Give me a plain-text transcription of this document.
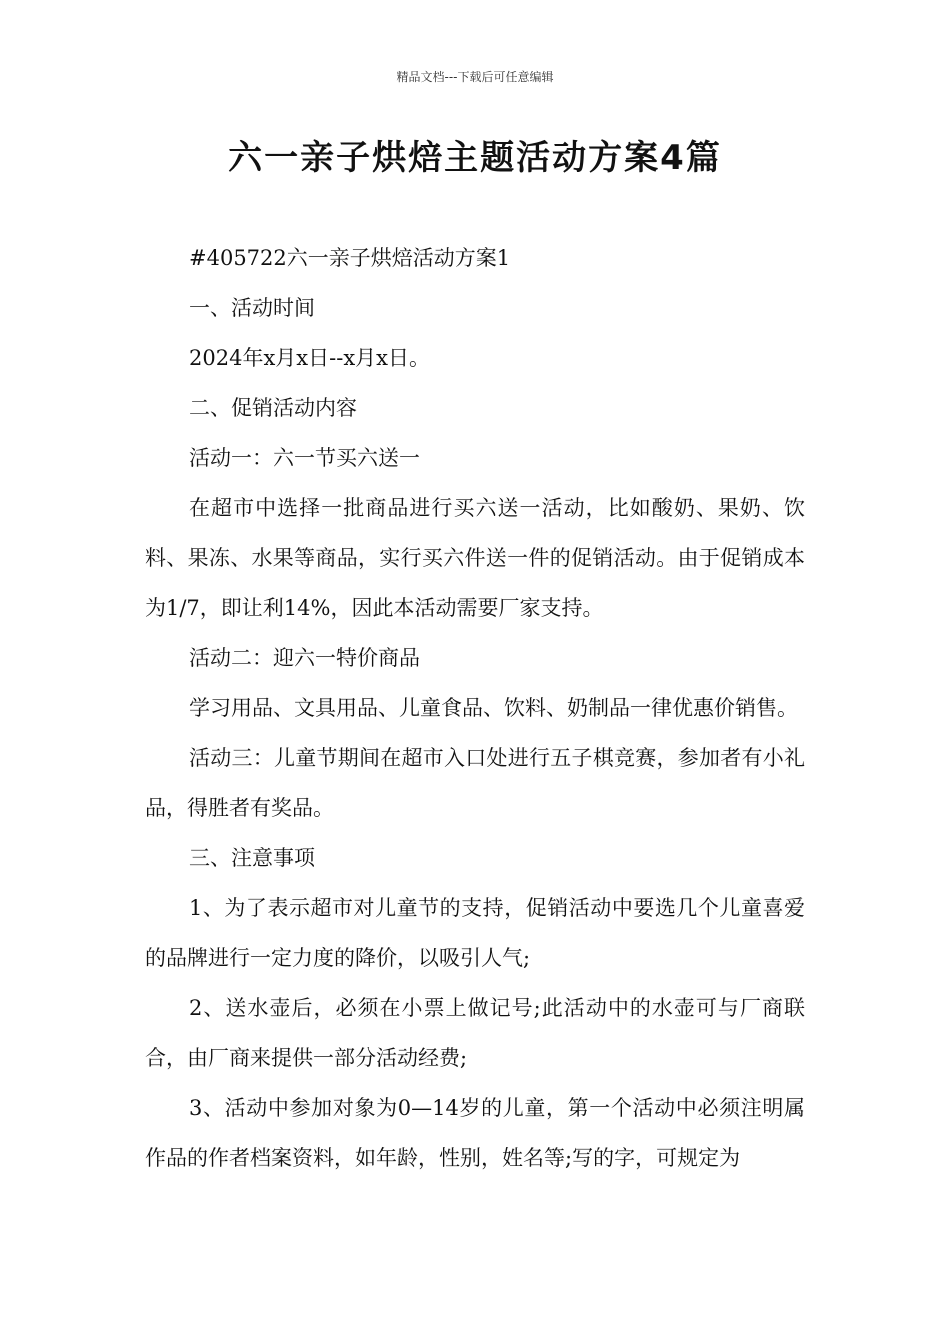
精品文档---下载后可任意编辑
六一亲子烘焙主题活动方案4篇

#405722六一亲子烘焙活动方案1

一、活动时间

2024年x月x日--x月x日。

二、促销活动内容

活动一：六一节买六送一

在超市中选择一批商品进行买六送一活动，比如酸奶、果奶、饮料、果冻、水果等商品，实行买六件送一件的促销活动。由于促销成本为1/7，即让利14%，因此本活动需要厂家支持。

活动二：迎六一特价商品

学习用品、文具用品、儿童食品、饮料、奶制品一律优惠价销售。

活动三：儿童节期间在超市入口处进行五子棋竞赛，参加者有小礼品，得胜者有奖品。

三、注意事项

1、为了表示超市对儿童节的支持，促销活动中要选几个儿童喜爱的品牌进行一定力度的降价，以吸引人气;

2、送水壶后，必须在小票上做记号;此活动中的水壶可与厂商联合，由厂商来提供一部分活动经费;

3、活动中参加对象为0—14岁的儿童，第一个活动中必须注明属作品的作者档案资料，如年龄，性别，姓名等;写的字，可规定为
